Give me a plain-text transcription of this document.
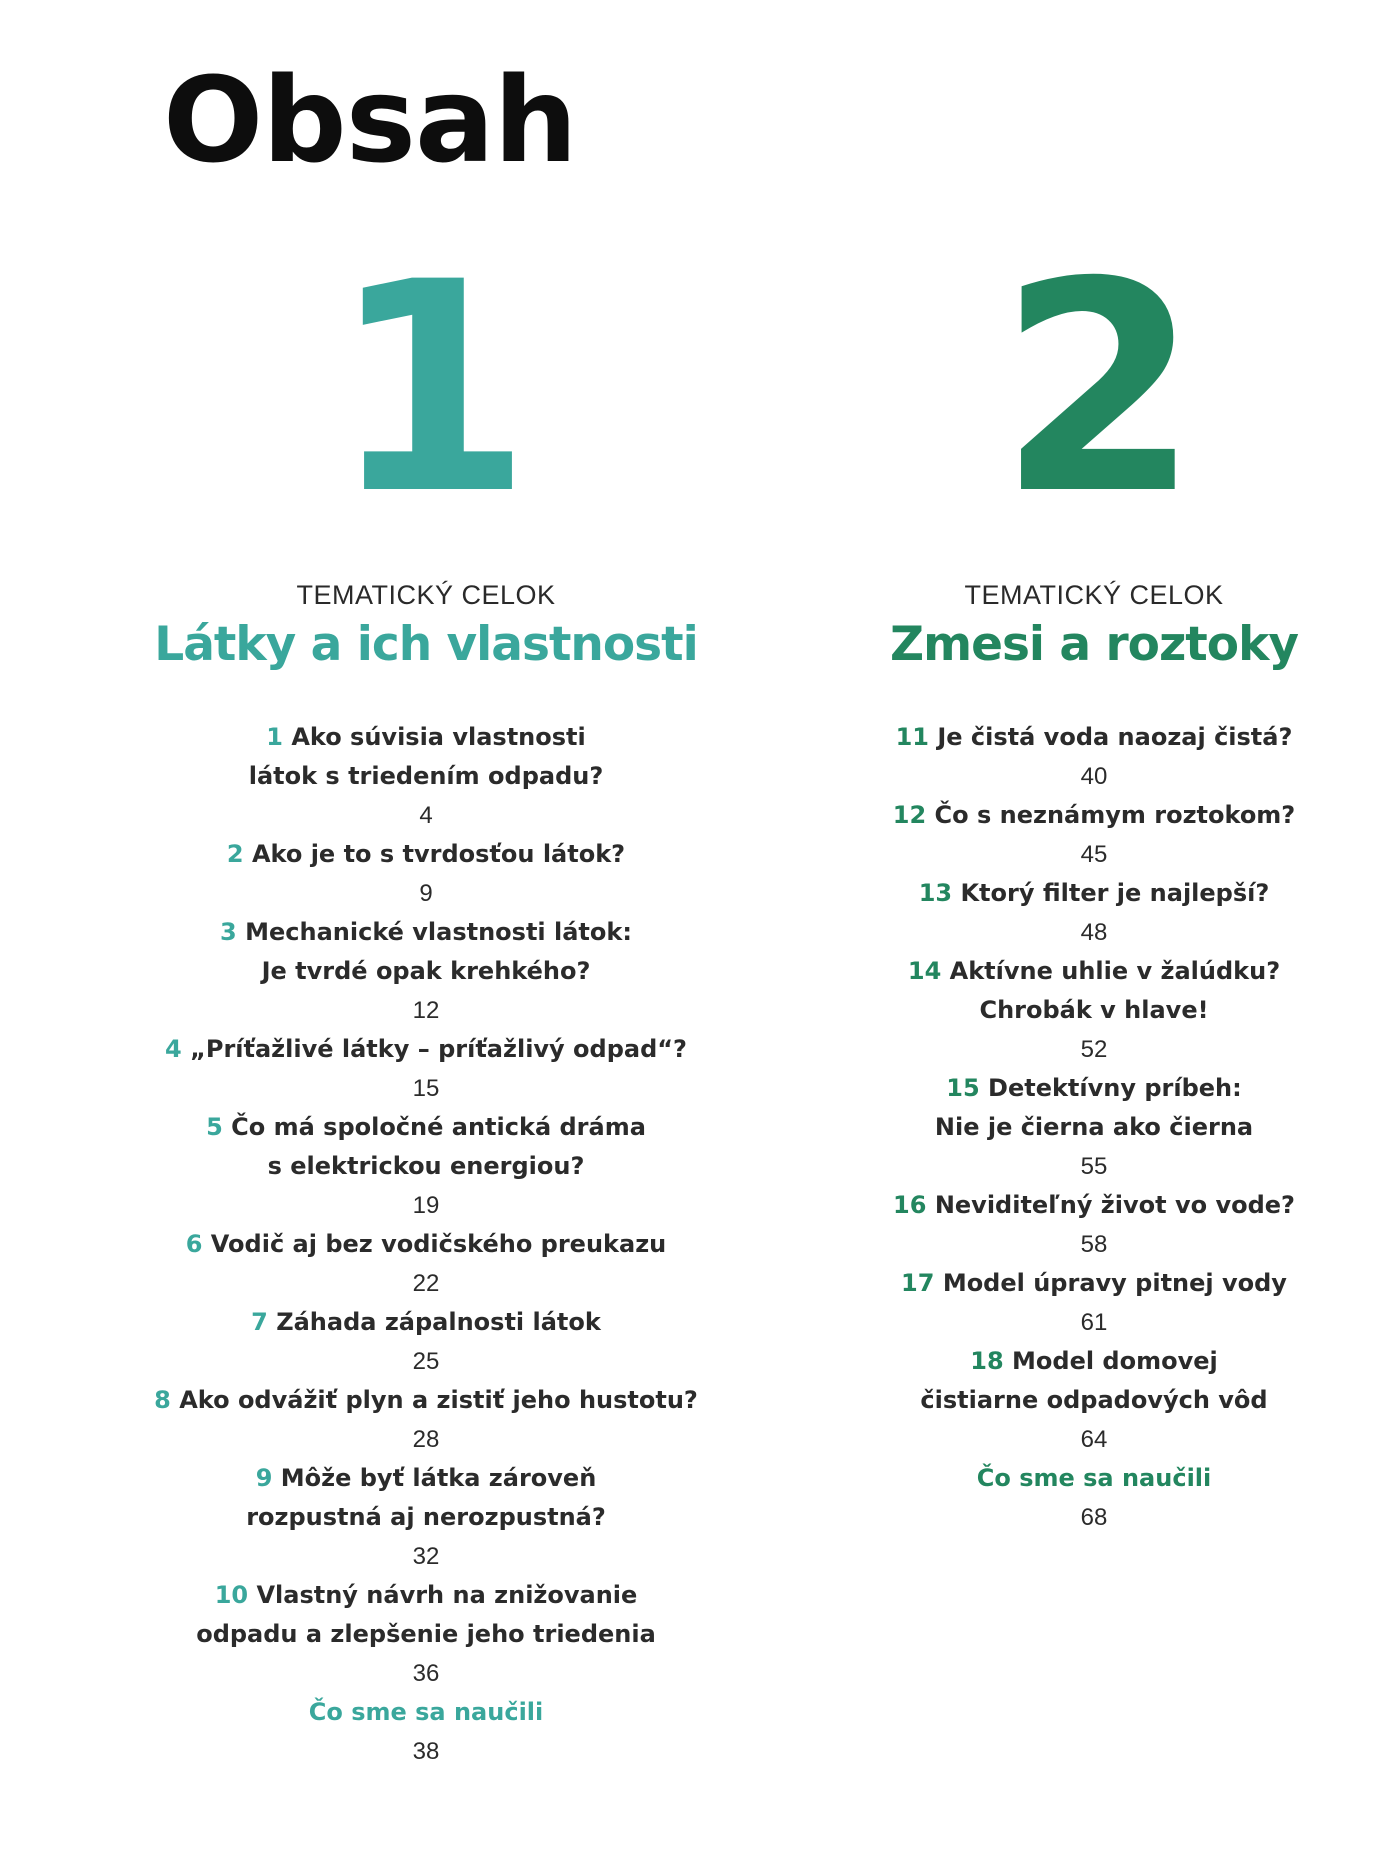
Obsah
1
TEMATICKÝ CELOK
Látky a ich vlastnosti
1 Ako súvisia vlastnosti
látok s triedením odpadu?
4
2 Ako je to s tvrdosťou látok?
9
3 Mechanické vlastnosti látok:
Je tvrdé opak krehkého?
12
4 „Príťažlivé látky – príťažlivý odpad“?
15
5 Čo má spoločné antická dráma
s elektrickou energiou?
19
6 Vodič aj bez vodičského preukazu
22
7 Záhada zápalnosti látok
25
8 Ako odvážiť plyn a zistiť jeho hustotu?
28
9 Môže byť látka zároveň
rozpustná aj nerozpustná?
32
10 Vlastný návrh na znižovanie
odpadu a zlepšenie jeho triedenia
36
Čo sme sa naučili
38
2
TEMATICKÝ CELOK
Zmesi a roztoky
11 Je čistá voda naozaj čistá?
40
12 Čo s neznámym roztokom?
45
13 Ktorý filter je najlepší?
48
14 Aktívne uhlie v žalúdku?
Chrobák v hlave!
52
15 Detektívny príbeh:
Nie je čierna ako čierna
55
16 Neviditeľný život vo vode?
58
17 Model úpravy pitnej vody
61
18 Model domovej
čistiarne odpadových vôd
64
Čo sme sa naučili
68
